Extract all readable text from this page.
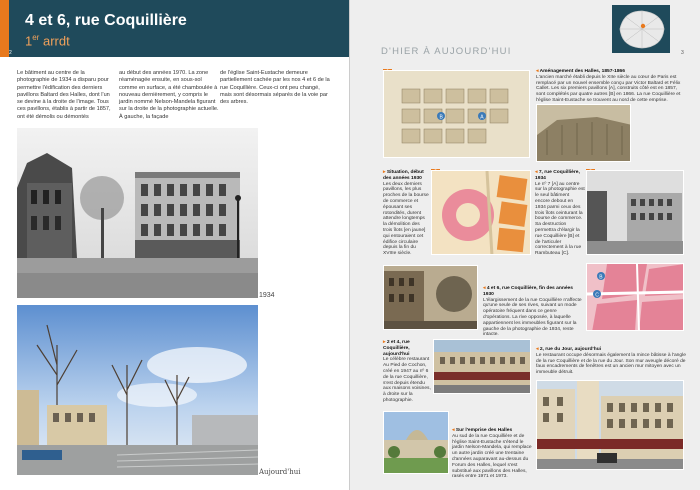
4 et 6, rue Coquillière
1er arrdt
2
Le bâtiment au centre de la photographie de 1934 a disparu pour permettre l'édification des derniers pavillons Baltard des Halles, dont l'un se devine à la droite de l'image. Tous ces pavillons, établis à partir de 1857, ont été démolis ou démontés
au début des années 1970. La zone réaménagée ensuite, en sous-sol comme en surface, a été chamboulée à nouveau dernièrement, y compris le jardin nommé Nelson-Mandela figurant sur la droite de la photographie actuelle. À gauche, la façade
de l'église Saint-Eustache demeure partiellement cachée par les nos 4 et 6 de la rue Coquillière. Ceux-ci ont peu changé, mais sont désormais séparés de la voie par des arbres.
1934
Aujourd'hui
D'HIER À AUJOURD'HUI	3
B	A
◂ Aménagement des Halles, 1857-1866
L'ancien marché établi depuis le XIIe siècle au cœur de Paris est remplacé par un nouvel ensemble conçu par Victor Baltard et Félix Callet. Les six premiers pavillons [A], construits côté est en 1857, sont complétés par quatre autres [B] en 1866. La rue Coquillière et l'église Saint-Eustache se trouvent au nord de cette emprise.
▸ Situation, début des années 1930
Les deux derniers pavillons, les plus proches de la bourse de commerce et épousant ses rotondités, durent attendre longtemps la démolition des trois îlots [en jaune] qui entouraient cet édifice circulaire depuis la fin du XVIIIe siècle.
◂ 7, rue Coquillière, 1934
Le nº 7 [A] au centre sur la photographie est le seul bâtiment encore debout en 1934 parmi ceux des trois îlots ceinturant la bourse de commerce. Sa destruction permettra d'élargir la rue Coquillière [B] et de l'articuler correctement à la rue Rambuteau [C].
◂ 4 et 6, rue Coquillière, fin des années 1930
L'élargissement de la rue Coquillière n'affecte qu'une seule de ses rives, suivant un mode opératoire fréquent dans ce genre d'opérations. La rive opposée, à laquelle appartiennent les immeubles figurant sur la gauche de la photographie de 1934, reste intacte.
B
C
▸ 2 et 4, rue Coquillière, aujourd'hui
Le célèbre restaurant Au Pied de Cochon, créé en 1947 au nº 6 de la rue Coquillière, s'est depuis étendu aux maisons voisines, à droite sur la photographie.
◂ 2, rue du Jour, aujourd'hui
Le restaurant occupe désormais également la mince bâtisse à l'angle de la rue Coquillière et de la rue du Jour. Son mur aveugle décoré de faux encadrements de fenêtres est un ancien mur mitoyen avec un immeuble détruit.
◂ Sur l'emprise des Halles
Au sud de la rue Coquillière et de l'église Saint-Eustache s'étend le jardin Nelson-Mandela, qui remplace un autre jardin créé une trentaine d'années auparavant au-dessus du Forum des Halles, lequel s'est substitué aux pavillons des Halles, rasés entre 1971 et 1973.
